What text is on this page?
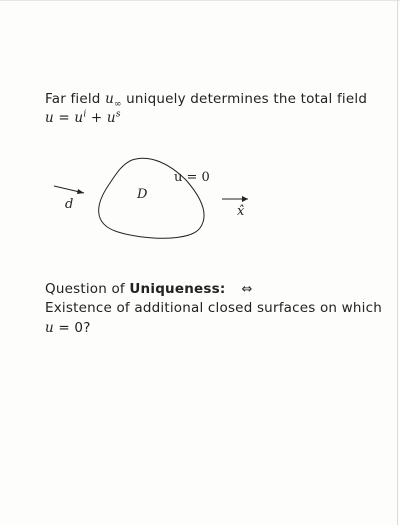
Far field $u_\infty$ uniquely determines the total field
$u = u^i + u^s$
d
D
u = 0
x̂
Question of Uniqueness: ⇔
Existence of additional closed surfaces on which
u = 0?
